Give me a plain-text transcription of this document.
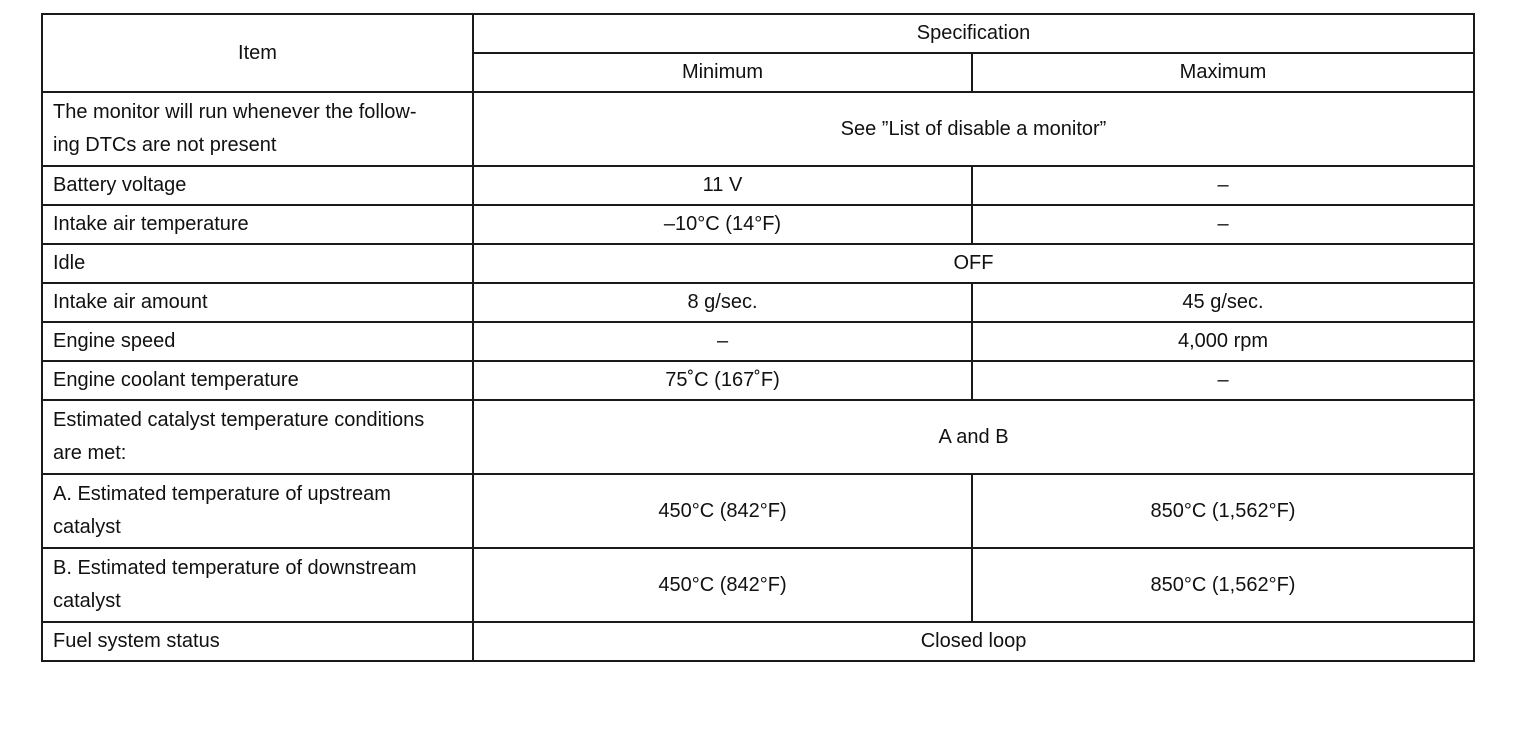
Item	Specification	
	Minimum	Maximum
The monitor will run whenever the follow-
ing DTCs are not present	See ”List of disable a monitor”	
Battery voltage	11 V	–
Intake air temperature	–10°C (14°F)	–
Idle	OFF	
Intake air amount	8 g/sec.	45 g/sec.
Engine speed	–	4,000 rpm
Engine coolant temperature	75˚C (167˚F)	–
Estimated catalyst temperature conditions
are met:	A and B	
A. Estimated temperature of upstream
catalyst	450°C (842°F)	850°C (1,562°F)
B. Estimated temperature of downstream
catalyst	450°C (842°F)	850°C (1,562°F)
Fuel system status	Closed loop	
